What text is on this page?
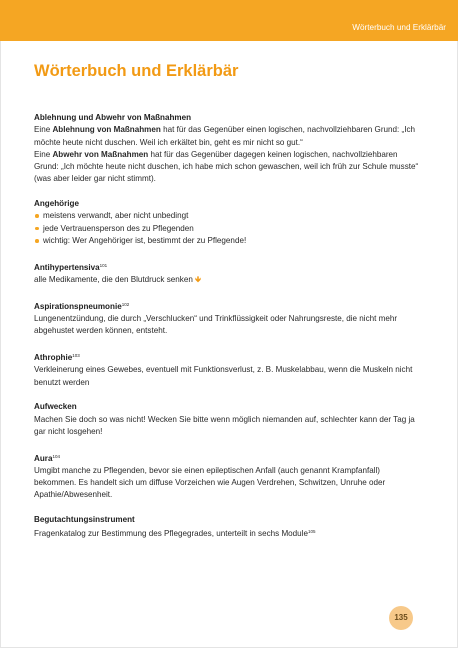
Wörterbuch und Erklärbär
Wörterbuch und Erklärbär

Ablehnung und Abwehr von Maßnahmen

Eine Ablehnung von Maßnahmen hat für das Gegenüber einen logischen, nachvollziehbaren Grund: „Ich möchte heute nicht duschen. Weil ich erkältet bin, geht es mir nicht so gut.“

Eine Abwehr von Maßnahmen hat für das Gegenüber dagegen keinen logischen, nachvollziehbaren Grund: „Ich möchte heute nicht duschen, ich habe mich schon gewaschen, weil ich früh zur Schule musste“ (was aber leider gar nicht stimmt).

Angehörige

meistens verwandt, aber nicht unbedingt
jede Vertrauensperson des zu Pflegenden
wichtig: Wer Angehöriger ist, bestimmt der zu Pflegende!

Antihypertensiva$^{101}$

alle Medikamente, die den Blutdruck senken 🡻

Aspirationspneumonie$^{102}$

Lungenentzündung, die durch „Verschlucken“ und Trinkflüssigkeit oder Nahrungsreste, die nicht mehr abgehustet werden können, entsteht.

Athrophie$^{103}$

Verkleinerung eines Gewebes, eventuell mit Funktionsverlust, z. B. Muskelabbau, wenn die Muskeln nicht benutzt werden

Aufwecken

Machen Sie doch so was nicht! Wecken Sie bitte wenn möglich niemanden auf, schlechter kann der Tag ja gar nicht losgehen!

Aura$^{104}$

Umgibt manche zu Pflegenden, bevor sie einen epileptischen Anfall (auch genannt Krampfanfall) bekommen. Es handelt sich um diffuse Vorzeichen wie Augen Verdrehen, Schwitzen, Unruhe oder Apathie/Abwesenheit.

Begutachtungsinstrument

Fragenkatalog zur Bestimmung des Pflegegrades, unterteilt in sechs Module$^{105}$

135
